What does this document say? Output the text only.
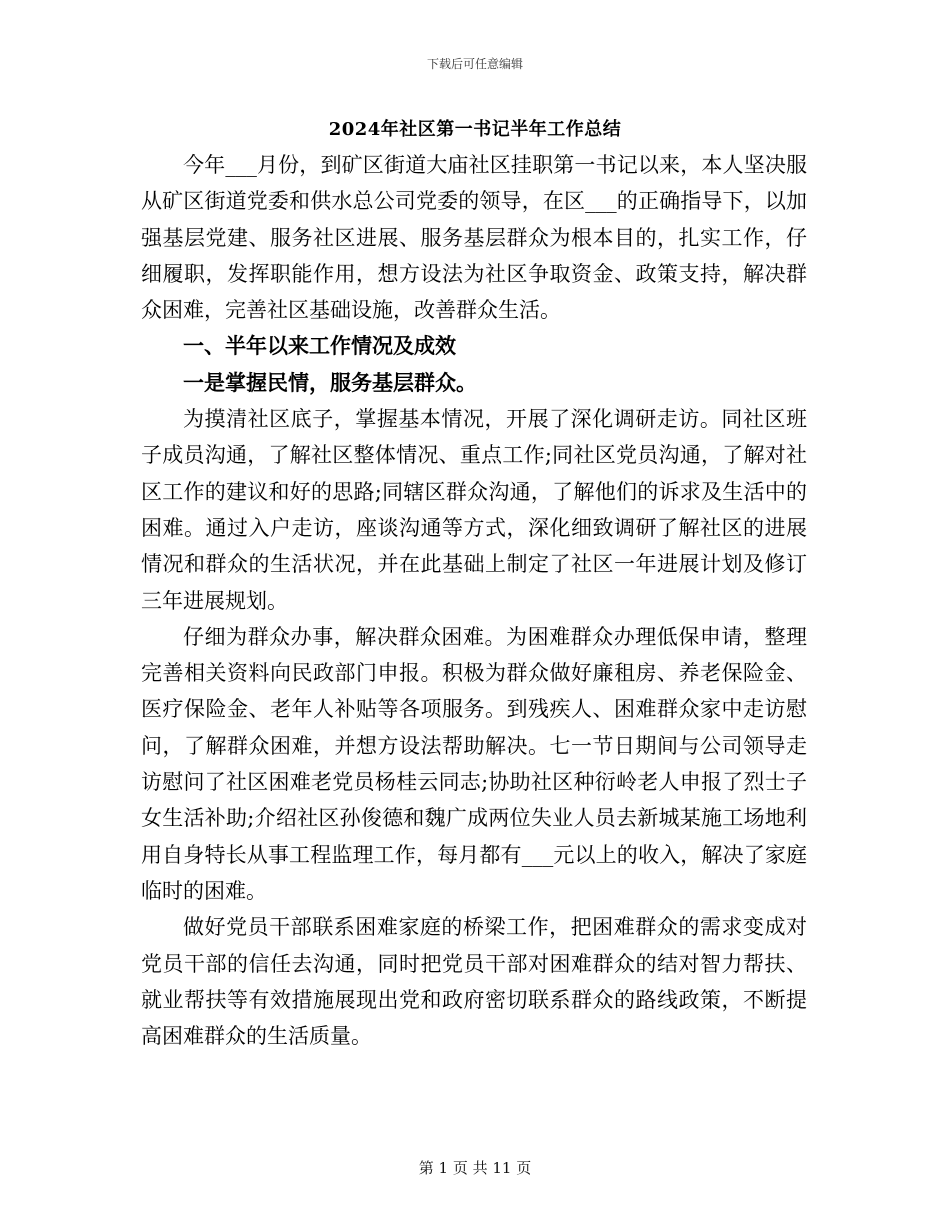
下载后可任意编辑
2024年社区第一书记半年工作总结

今年___月份，到矿区街道大庙社区挂职第一书记以来，本人坚决服从矿区街道党委和供水总公司党委的领导，在区___的正确指导下，以加强基层党建、服务社区进展、服务基层群众为根本目的，扎实工作，仔细履职，发挥职能作用，想方设法为社区争取资金、政策支持，解决群众困难，完善社区基础设施，改善群众生活。

一、半年以来工作情况及成效

一是掌握民情，服务基层群众。

为摸清社区底子，掌握基本情况，开展了深化调研走访。同社区班子成员沟通，了解社区整体情况、重点工作;同社区党员沟通，了解对社区工作的建议和好的思路;同辖区群众沟通，了解他们的诉求及生活中的困难。通过入户走访，座谈沟通等方式，深化细致调研了解社区的进展情况和群众的生活状况，并在此基础上制定了社区一年进展计划及修订三年进展规划。

仔细为群众办事，解决群众困难。为困难群众办理低保申请，整理完善相关资料向民政部门申报。积极为群众做好廉租房、养老保险金、医疗保险金、老年人补贴等各项服务。到残疾人、困难群众家中走访慰问，了解群众困难，并想方设法帮助解决。七一节日期间与公司领导走访慰问了社区困难老党员杨桂云同志;协助社区种衍岭老人申报了烈士子女生活补助;介绍社区孙俊德和魏广成两位失业人员去新城某施工场地利用自身特长从事工程监理工作，每月都有___元以上的收入，解决了家庭临时的困难。

做好党员干部联系困难家庭的桥梁工作，把困难群众的需求变成对党员干部的信任去沟通，同时把党员干部对困难群众的结对智力帮扶、就业帮扶等有效措施展现出党和政府密切联系群众的路线政策，不断提高困难群众的生活质量。

第 1 页 共 11 页
